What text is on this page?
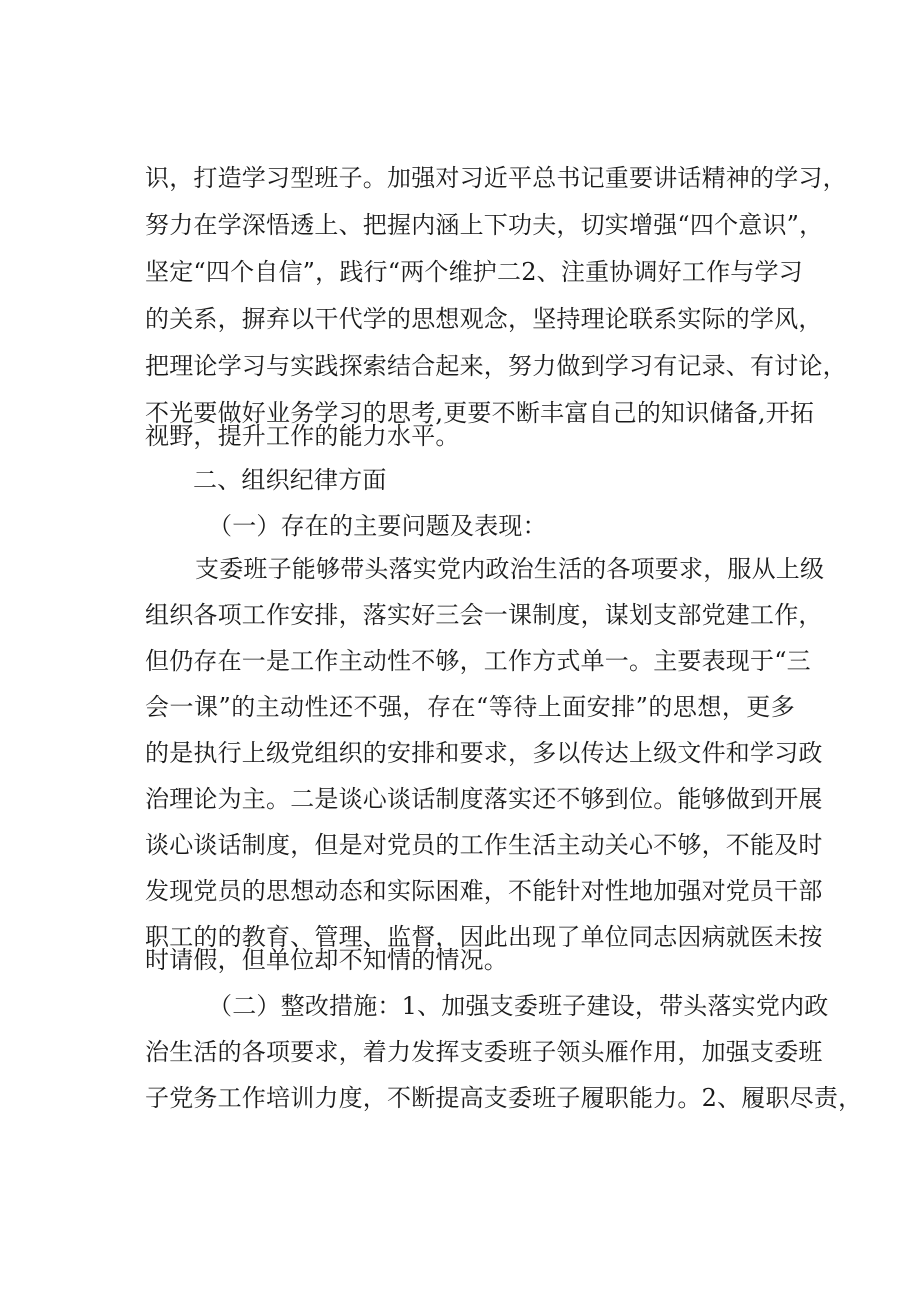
识，打造学习型班子。加强对习近平总书记重要讲话精神的学习，
努力在学深悟透上、把握内涵上下功夫，切实增强“四个意识”，
坚定“四个自信”，践行“两个维护二2、注重协调好工作与学习
的关系，摒弃以干代学的思想观念，坚持理论联系实际的学风，
把理论学习与实践探索结合起来，努力做到学习有记录、有讨论，
不光要做好业务学习的思考,更要不断丰富自己的知识储备,开拓
视野，提升工作的能力水平。
二、组织纪律方面
（一）存在的主要问题及表现：
支委班子能够带头落实党内政治生活的各项要求，服从上级
组织各项工作安排，落实好三会一课制度，谋划支部党建工作，
但仍存在一是工作主动性不够，工作方式单一。主要表现于“三
会一课”的主动性还不强，存在“等待上面安排”的思想，更多
的是执行上级党组织的安排和要求，多以传达上级文件和学习政
治理论为主。二是谈心谈话制度落实还不够到位。能够做到开展
谈心谈话制度，但是对党员的工作生活主动关心不够，不能及时
发现党员的思想动态和实际困难，不能针对性地加强对党员干部
职工的的教育、管理、监督，因此出现了单位同志因病就医未按
时请假，但单位却不知情的情况。
（二）整改措施：1、加强支委班子建设，带头落实党内政
治生活的各项要求，着力发挥支委班子领头雁作用，加强支委班
子党务工作培训力度，不断提高支委班子履职能力。2、履职尽责，
